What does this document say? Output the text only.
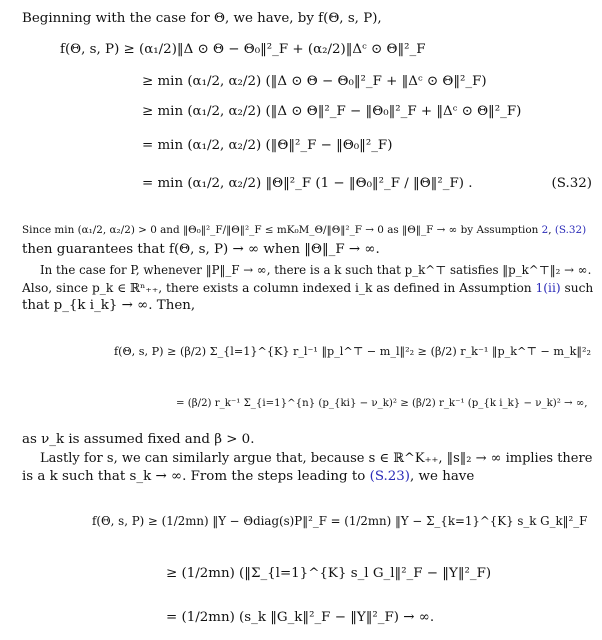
Beginning with the case for Θ, we have, by f(Θ, s, P),
f(Θ, s, P) ≥ (α₁/2)‖Δ ⊙ Θ − Θ₀‖²_F + (α₂/2)‖Δᶜ ⊙ Θ‖²_F
≥ min (α₁/2, α₂/2) (‖Δ ⊙ Θ − Θ₀‖²_F + ‖Δᶜ ⊙ Θ‖²_F)
≥ min (α₁/2, α₂/2) (‖Δ ⊙ Θ‖²_F − ‖Θ₀‖²_F + ‖Δᶜ ⊙ Θ‖²_F)
= min (α₁/2, α₂/2) (‖Θ‖²_F − ‖Θ₀‖²_F)
= min (α₁/2, α₂/2) ‖Θ‖²_F (1 − ‖Θ₀‖²_F / ‖Θ‖²_F) .	(S.32)
Since min (α₁/2, α₂/2) > 0 and ‖Θ₀‖²_F/‖Θ‖²_F ≤ mK₀M_Θ/‖Θ‖²_F → 0 as ‖Θ‖_F → ∞ by Assumption 2, (S.32)
then guarantees that f(Θ, s, P) → ∞ when ‖Θ‖_F → ∞.
In the case for P, whenever ‖P‖_F → ∞, there is a k such that p_k^⊤ satisfies ‖p_k^⊤‖₂ → ∞.
Also, since p_k ∈ ℝⁿ₊₊, there exists a column indexed i_k as defined in Assumption 1(ii) such
that p_{k i_k} → ∞. Then,
f(Θ, s, P) ≥ (β/2) Σ_{l=1}^{K} r_l⁻¹ ‖p_l^⊤ − m_l‖²₂ ≥ (β/2) r_k⁻¹ ‖p_k^⊤ − m_k‖²₂
= (β/2) r_k⁻¹ Σ_{i=1}^{n} (p_{ki} − ν_k)² ≥ (β/2) r_k⁻¹ (p_{k i_k} − ν_k)² → ∞,
as ν_k is assumed fixed and β > 0.
Lastly for s, we can similarly argue that, because s ∈ ℝ^K₊₊, ‖s‖₂ → ∞ implies there
is a k such that s_k → ∞. From the steps leading to (S.23), we have
f(Θ, s, P) ≥ (1/2mn) ‖Y − Θdiag(s)P‖²_F = (1/2mn) ‖Y − Σ_{k=1}^{K} s_k G_k‖²_F
≥ (1/2mn) (‖Σ_{l=1}^{K} s_l G_l‖²_F − ‖Y‖²_F)
= (1/2mn) (s_k ‖G_k‖²_F − ‖Y‖²_F) → ∞.
